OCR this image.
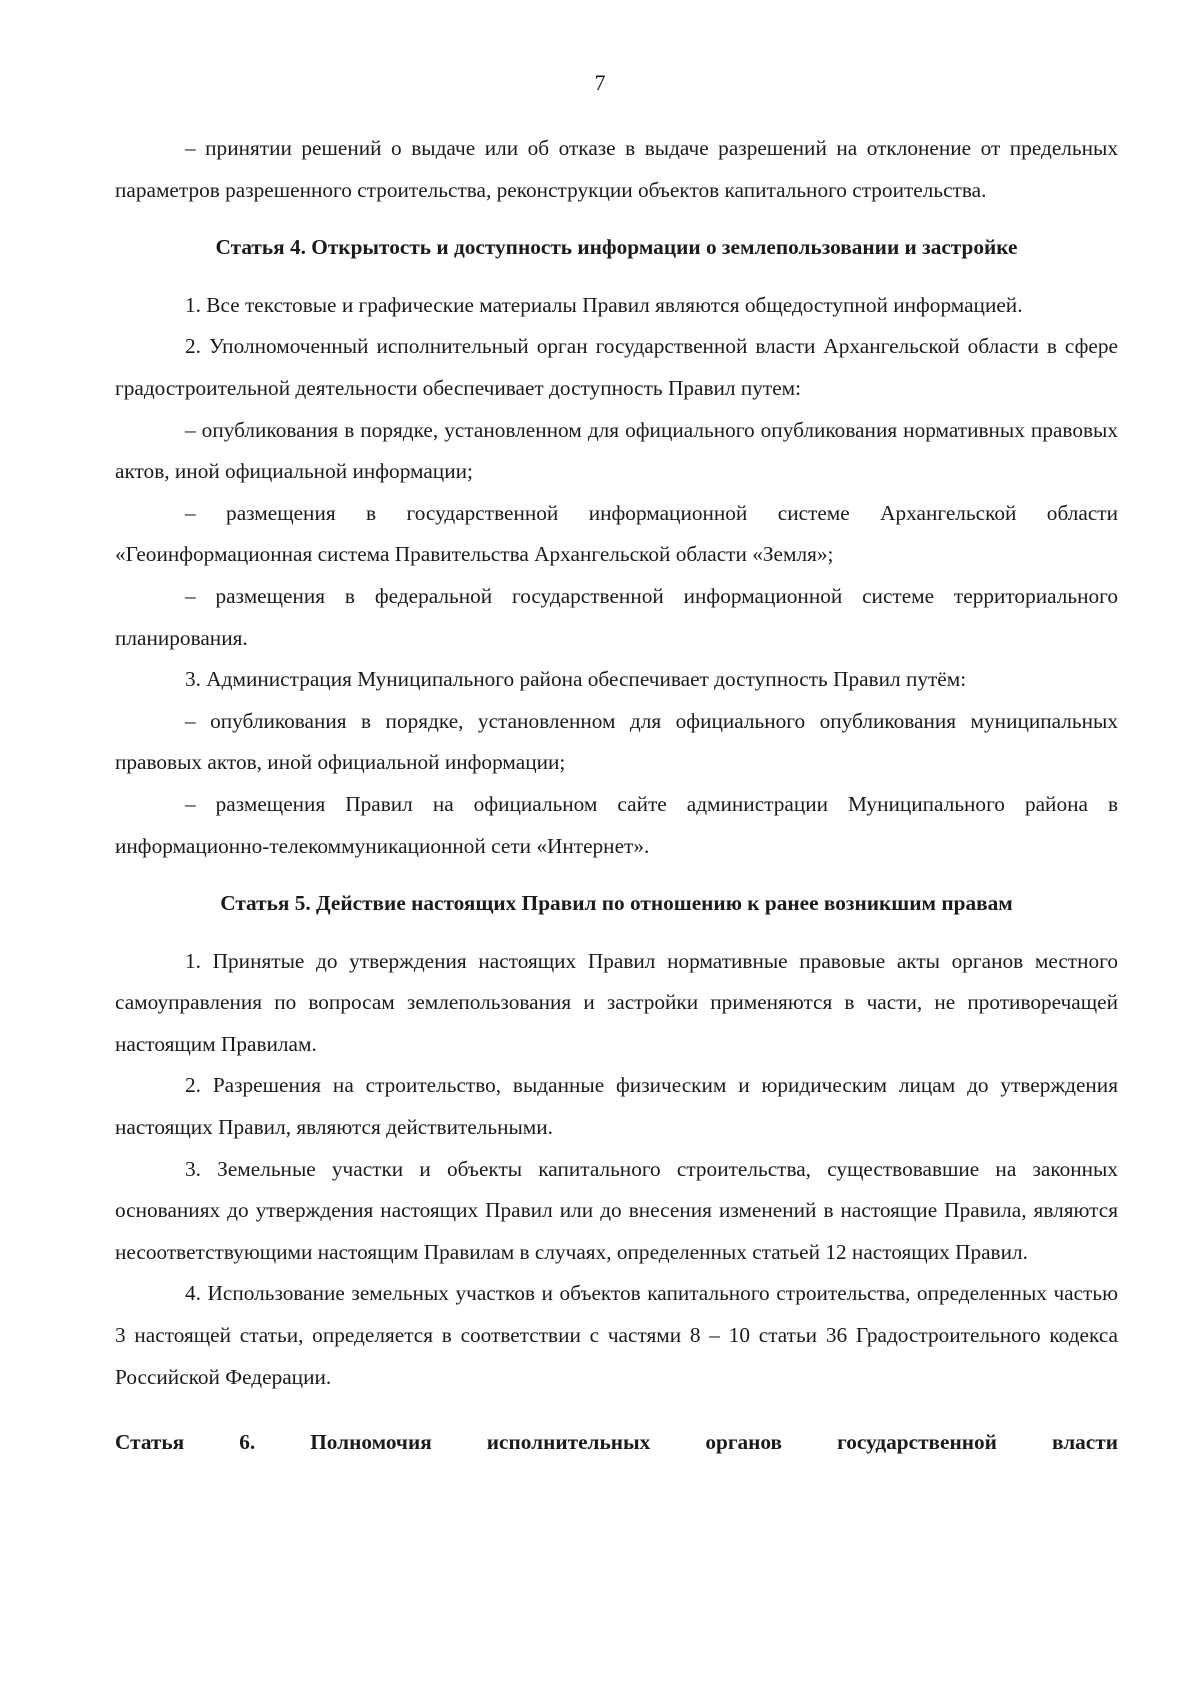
7

– принятии решений о выдаче или об отказе в выдаче разрешений на отклонение от предельных параметров разрешенного строительства, реконструкции объектов капитального строительства.

Статья 4. Открытость и доступность информации о землепользовании и застройке

1. Все текстовые и графические материалы Правил являются общедоступной информацией.

2. Уполномоченный исполнительный орган государственной власти Архангельской области в сфере градостроительной деятельности обеспечивает доступность Правил путем:

– опубликования в порядке, установленном для официального опубликования нормативных правовых актов, иной официальной информации;

– размещения в государственной информационной системе Архангельской области «Геоинформационная система Правительства Архангельской области «Земля»;

– размещения в федеральной государственной информационной системе территориального планирования.

3. Администрация Муниципального района обеспечивает доступность Правил путём:

– опубликования в порядке, установленном для официального опубликования муниципальных правовых актов, иной официальной информации;

– размещения Правил на официальном сайте администрации Муниципального района в информационно-телекоммуникационной сети «Интернет».

Статья 5. Действие настоящих Правил по отношению к ранее возникшим правам

1. Принятые до утверждения настоящих Правил нормативные правовые акты органов местного самоуправления по вопросам землепользования и застройки применяются в части, не противоречащей настоящим Правилам.

2. Разрешения на строительство, выданные физическим и юридическим лицам до утверждения настоящих Правил, являются действительными.

3. Земельные участки и объекты капитального строительства, существовавшие на законных основаниях до утверждения настоящих Правил или до внесения изменений в настоящие Правила, являются несоответствующими настоящим Правилам в случаях, определенных статьей 12 настоящих Правил.

4. Использование земельных участков и объектов капитального строительства, определенных частью 3 настоящей статьи, определяется в соответствии с частями 8 – 10 статьи 36 Градостроительного кодекса Российской Федерации.

Статья 6. Полномочия исполнительных органов государственной власти
